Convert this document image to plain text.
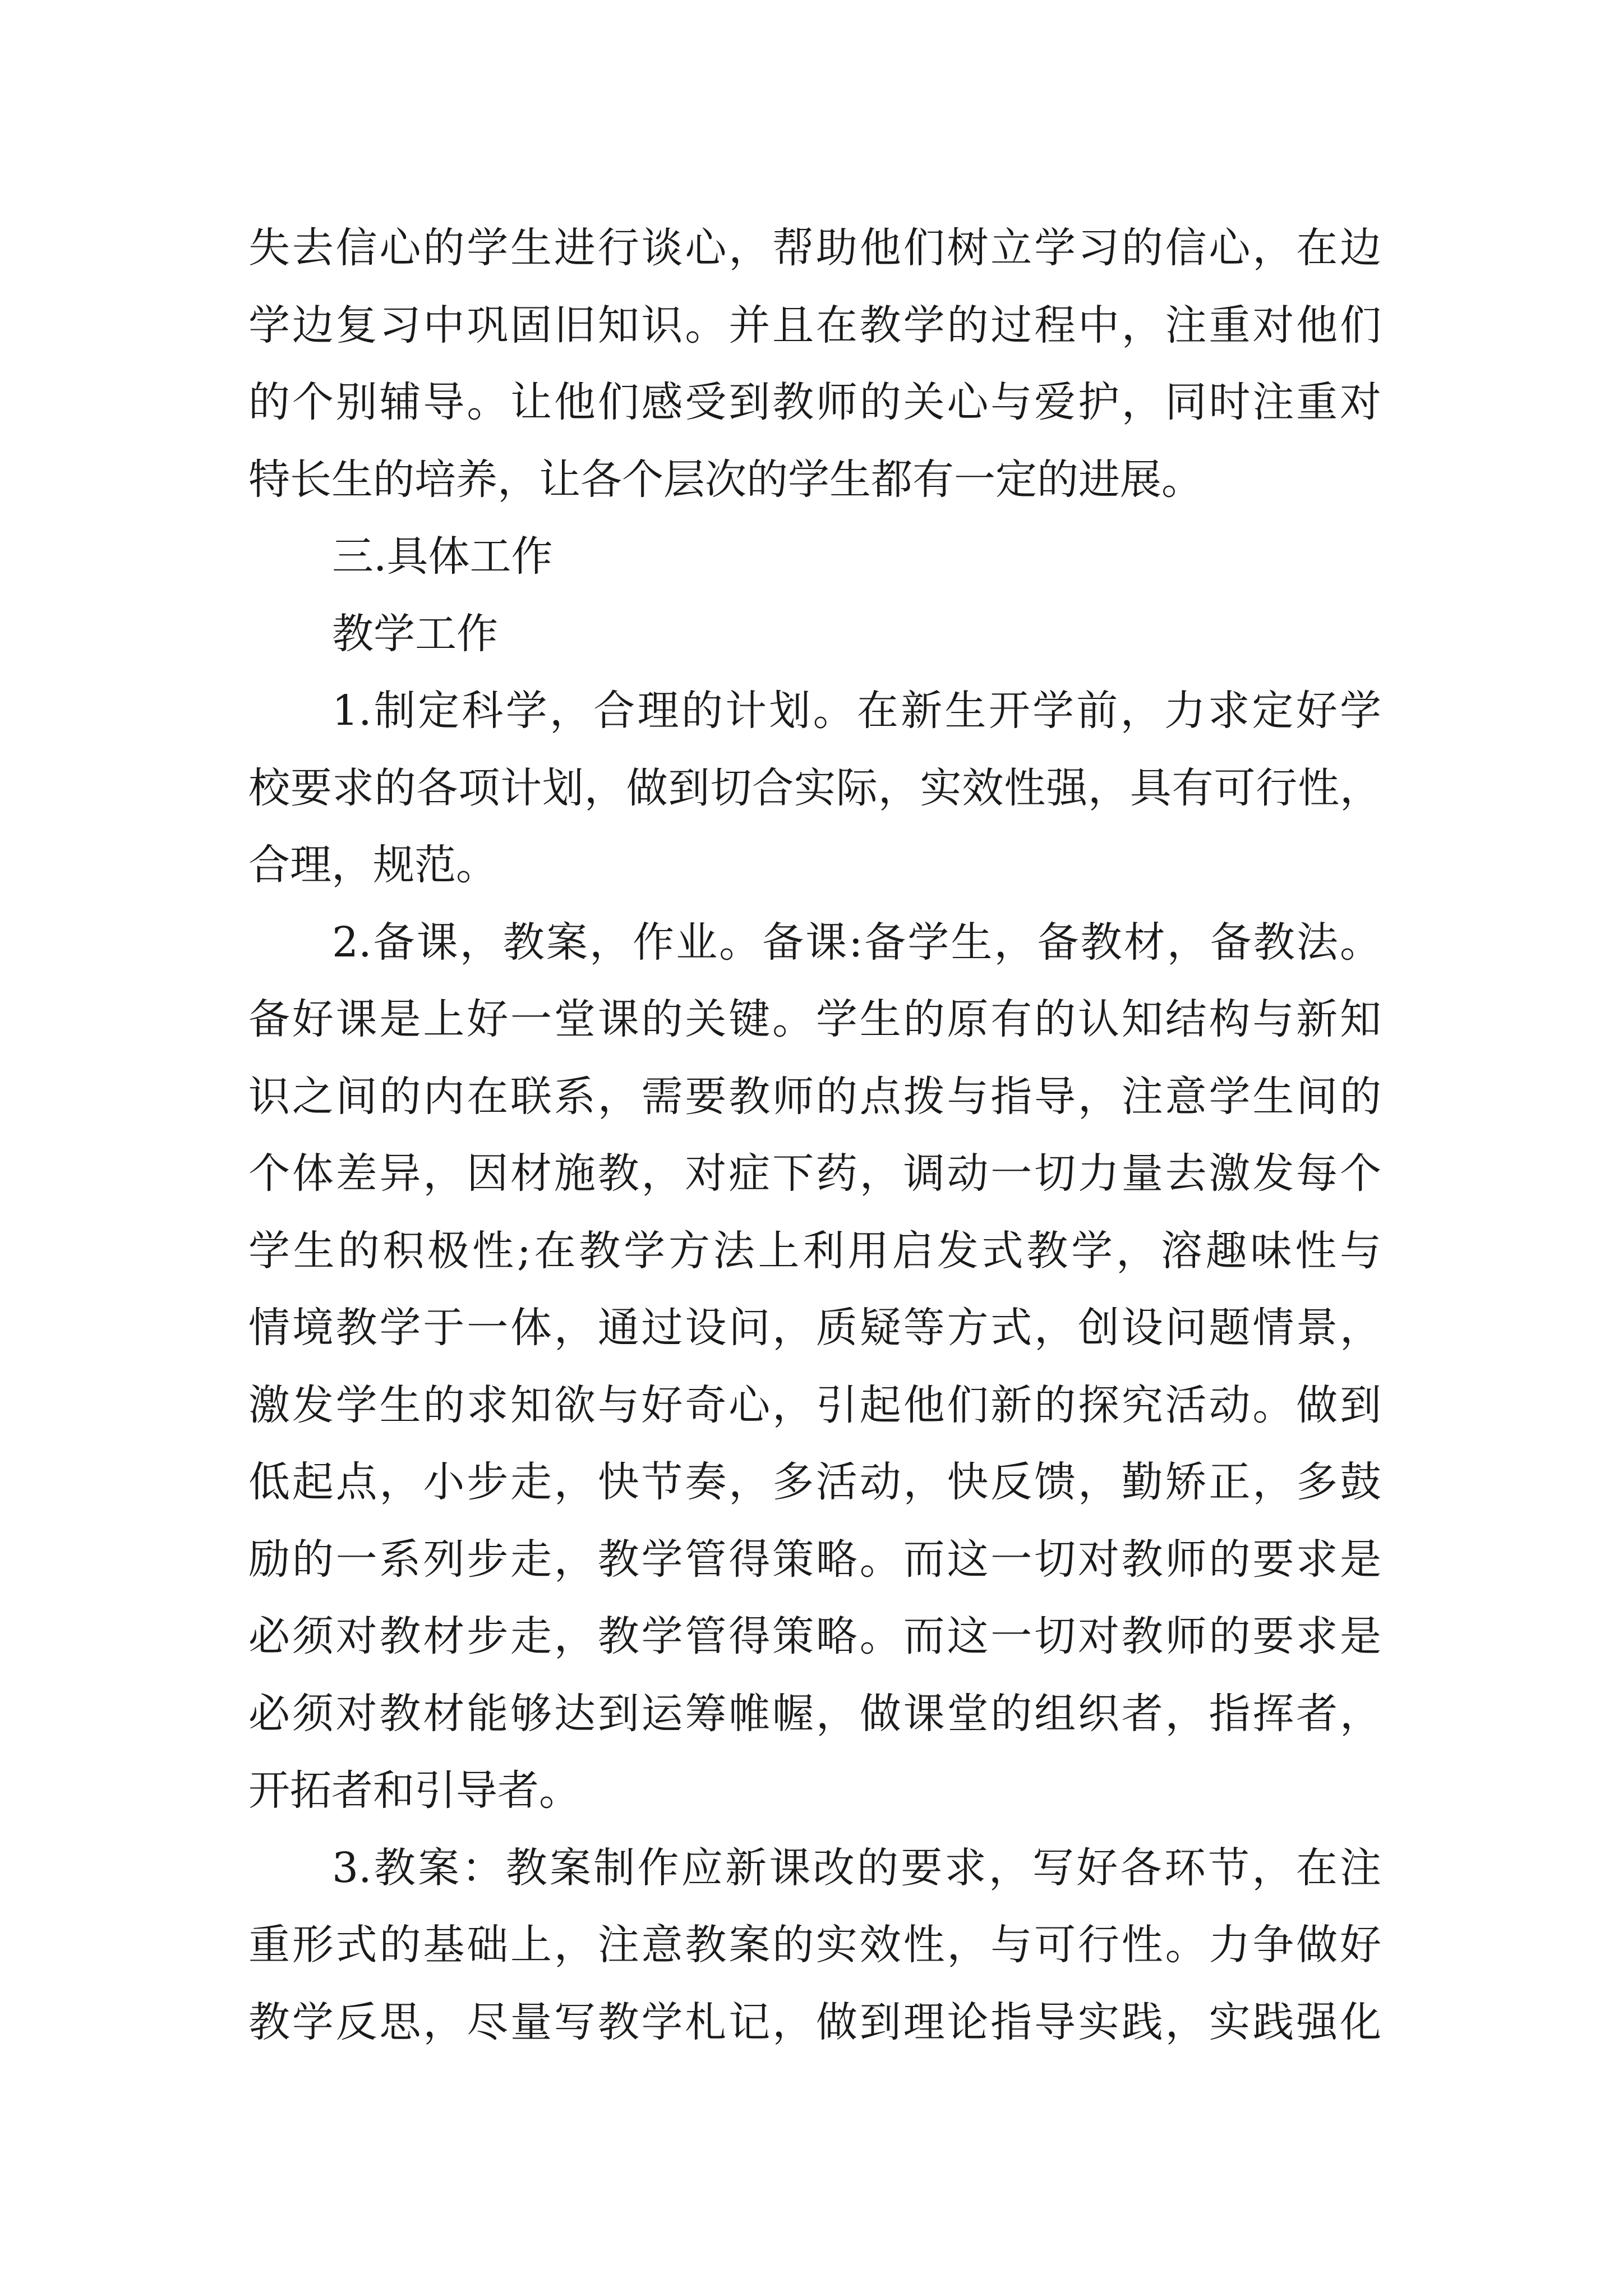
失去信心的学生进行谈心，帮助他们树立学习的信心，在边
学边复习中巩固旧知识。并且在教学的过程中，注重对他们
的个别辅导。让他们感受到教师的关心与爱护，同时注重对
特长生的培养，让各个层次的学生都有一定的进展。
三.具体工作
教学工作
1.制定科学，合理的计划。在新生开学前，力求定好学
校要求的各项计划，做到切合实际，实效性强，具有可行性，
合理，规范。
2.备课，教案，作业。备课:备学生，备教材，备教法。
备好课是上好一堂课的关键。学生的原有的认知结构与新知
识之间的内在联系，需要教师的点拨与指导，注意学生间的
个体差异，因材施教，对症下药，调动一切力量去激发每个
学生的积极性;在教学方法上利用启发式教学，溶趣味性与
情境教学于一体，通过设问，质疑等方式，创设问题情景，
激发学生的求知欲与好奇心，引起他们新的探究活动。做到
低起点，小步走，快节奏，多活动，快反馈，勤矫正，多鼓
励的一系列步走，教学管得策略。而这一切对教师的要求是
必须对教材步走，教学管得策略。而这一切对教师的要求是
必须对教材能够达到运筹帷幄，做课堂的组织者，指挥者，
开拓者和引导者。
3.教案：教案制作应新课改的要求，写好各环节，在注
重形式的基础上，注意教案的实效性，与可行性。力争做好
教学反思，尽量写教学札记，做到理论指导实践，实践强化
